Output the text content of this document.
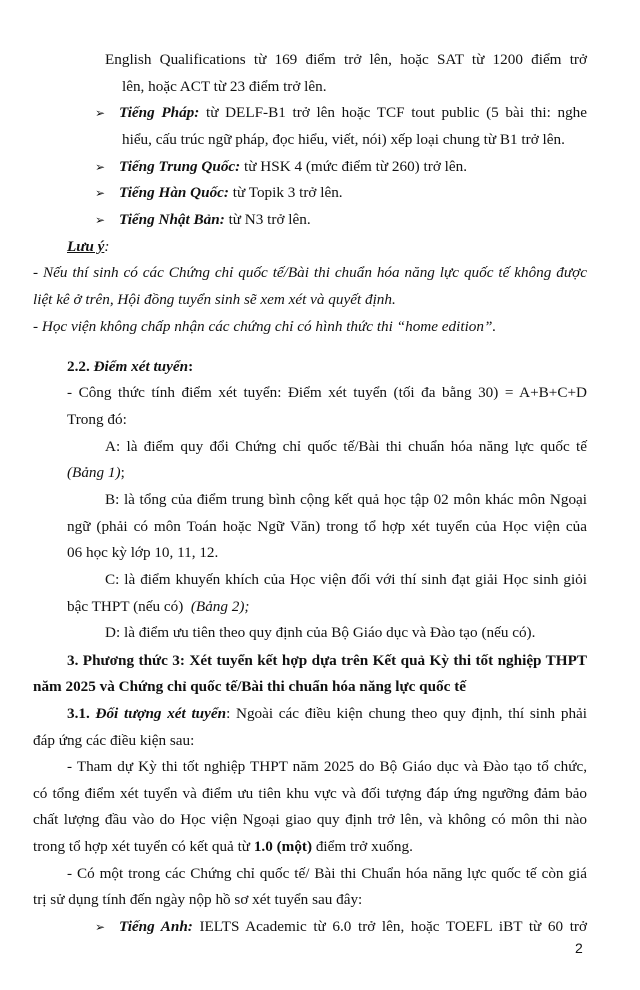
English Qualifications từ 169 điểm trở lên, hoặc SAT từ 1200 điểm trở
lên, hoặc ACT từ 23 điểm trở lên.
➢ Tiếng Pháp: từ DELF-B1 trở lên hoặc TCF tout public (5 bài thi: nghe
hiểu, cấu trúc ngữ pháp, đọc hiểu, viết, nói) xếp loại chung từ B1 trở lên.
➢ Tiếng Trung Quốc: từ HSK 4 (mức điểm từ 260) trở lên.
➢ Tiếng Hàn Quốc: từ Topik 3 trở lên.
➢ Tiếng Nhật Bản: từ N3 trở lên.
Lưu ý:
- Nếu thí sinh có các Chứng chỉ quốc tế/Bài thi chuẩn hóa năng lực quốc tế không được
liệt kê ở trên, Hội đồng tuyển sinh sẽ xem xét và quyết định.
- Học viện không chấp nhận các chứng chỉ có hình thức thi “home edition”.
2.2. Điểm xét tuyển:
- Công thức tính điểm xét tuyển: Điểm xét tuyển (tối đa bằng 30) = A+B+C+D
Trong đó:
A: là điểm quy đổi Chứng chỉ quốc tế/Bài thi chuẩn hóa năng lực quốc tế
(Bảng 1);
B: là tổng của điểm trung bình cộng kết quả học tập 02 môn khác môn Ngoại
ngữ (phải có môn Toán hoặc Ngữ Văn) trong tổ hợp xét tuyển của Học viện của
06 học kỳ lớp 10, 11, 12.
C: là điểm khuyến khích của Học viện đối với thí sinh đạt giải Học sinh giỏi
bậc THPT (nếu có)  (Bảng 2);
D: là điểm ưu tiên theo quy định của Bộ Giáo dục và Đào tạo (nếu có).
3. Phương thức 3: Xét tuyển kết hợp dựa trên Kết quả Kỳ thi tốt nghiệp THPT
năm 2025 và Chứng chỉ quốc tế/Bài thi chuẩn hóa năng lực quốc tế
3.1. Đối tượng xét tuyển: Ngoài các điều kiện chung theo quy định, thí sinh phải
đáp ứng các điều kiện sau:
- Tham dự Kỳ thi tốt nghiệp THPT năm 2025 do Bộ Giáo dục và Đào tạo tổ chức,
có tổng điểm xét tuyển và điểm ưu tiên khu vực và đối tượng đáp ứng ngưỡng đảm bảo
chất lượng đầu vào do Học viện Ngoại giao quy định trở lên, và không có môn thi nào
trong tổ hợp xét tuyển có kết quả từ 1.0 (một) điểm trở xuống.
- Có một trong các Chứng chỉ quốc tế/ Bài thi Chuẩn hóa năng lực quốc tế còn giá
trị sử dụng tính đến ngày nộp hồ sơ xét tuyển sau đây:
➢ Tiếng Anh: IELTS Academic từ 6.0 trở lên, hoặc TOEFL iBT từ 60 trở
2
